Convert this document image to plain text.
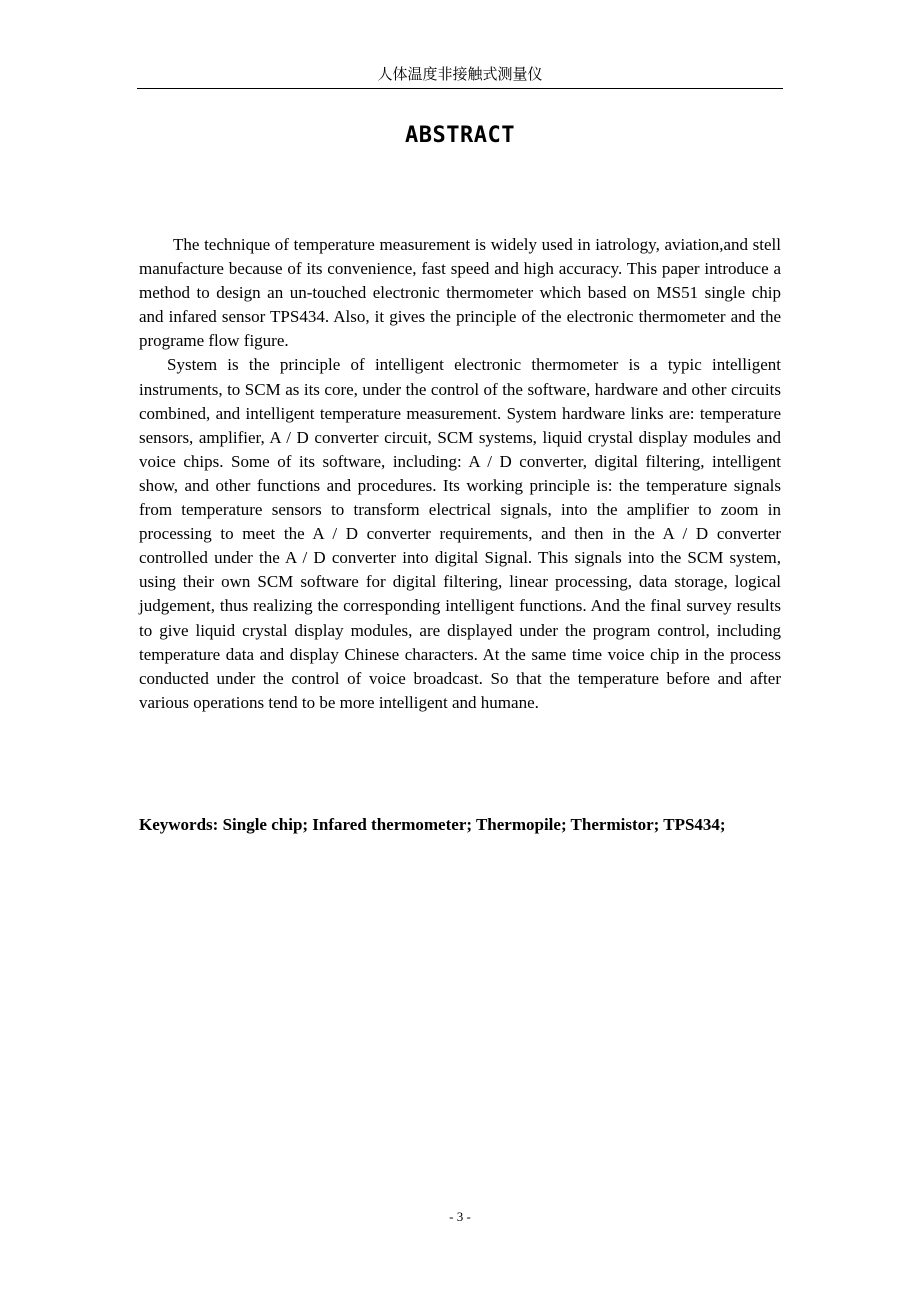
人体温度非接触式测量仪
ABSTRACT

The technique of temperature measurement is widely used in iatrology, aviation,and stell manufacture because of its convenience, fast speed and high accuracy. This paper introduce a method to design an un-touched electronic thermometer which based on MS51 single chip and infared sensor TPS434. Also, it gives the principle of the electronic thermometer and the programe flow figure.

System is the principle of intelligent electronic thermometer is a typic intelligent instruments, to SCM as its core, under the control of the software, hardware and other circuits combined, and intelligent temperature measurement. System hardware links are: temperature sensors, amplifier, A / D converter circuit, SCM systems, liquid crystal display modules and voice chips. Some of its software, including: A / D converter, digital filtering, intelligent show, and other functions and procedures. Its working principle is: the temperature signals from temperature sensors to transform electrical signals, into the amplifier to zoom in processing to meet the A / D converter requirements, and then in the A / D converter controlled under the A / D converter into digital Signal. This signals into the SCM system, using their own SCM software for digital filtering, linear processing, data storage, logical judgement, thus realizing the corresponding intelligent functions. And the final survey results to give liquid crystal display modules, are displayed under the program control, including temperature data and display Chinese characters. At the same time voice chip in the process conducted under the control of voice broadcast. So that the temperature before and after various operations tend to be more intelligent and humane.

Keywords: Single chip; Infared thermometer; Thermopile; Thermistor; TPS434;
- 3 -
